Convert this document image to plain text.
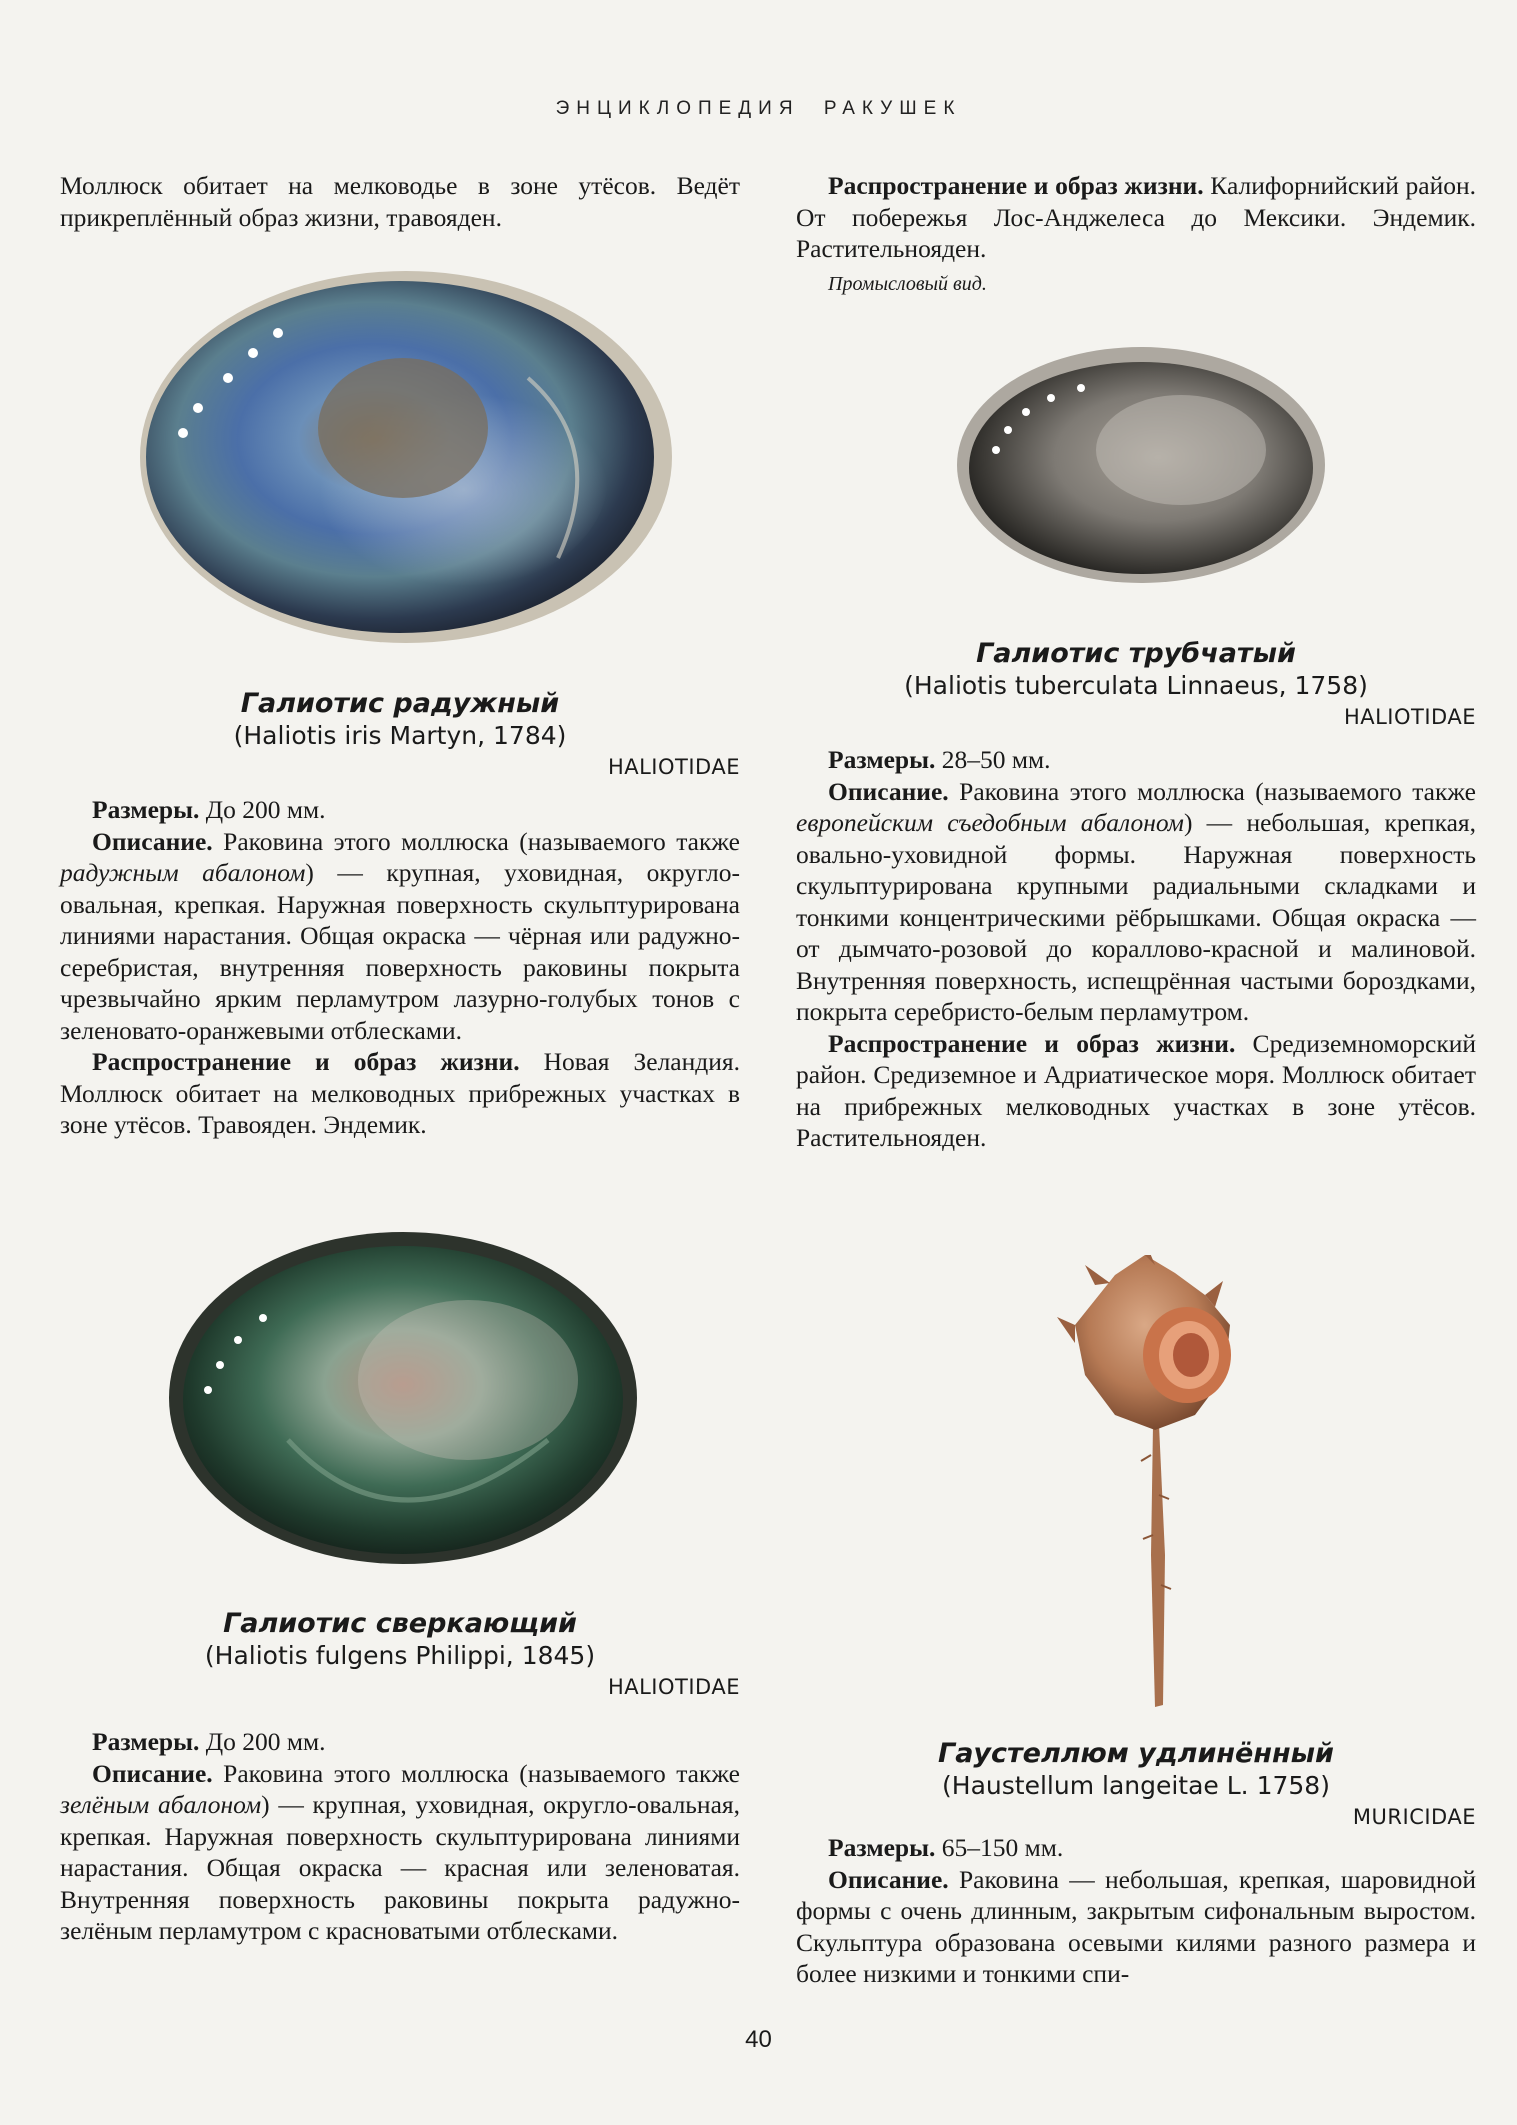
ЭНЦИКЛОПЕДИЯ РАКУШЕК

Моллюск обитает на мелководье в зоне утёсов. Ведёт прикреплённый образ жизни, травояден.

Галиотис радужный
(Haliotis iris Martyn, 1784)
HALIOTIDAE

Размеры. До 200 мм.

Описание. Раковина этого моллюска (называемого также радужным абалоном) — крупная, уховидная, округло-овальная, крепкая. Наружная поверхность скульптурирована линиями нарастания. Общая окраска — чёрная или радужно-серебристая, внутренняя поверхность раковины покрыта чрезвычайно ярким перламутром лазурно-голубых тонов с зеленовато-оранжевыми отблесками.

Распространение и образ жизни. Новая Зеландия. Моллюск обитает на мелководных прибрежных участках в зоне утёсов. Травояден. Эндемик.

Галиотис сверкающий
(Haliotis fulgens Philippi, 1845)
HALIOTIDAE

Размеры. До 200 мм.

Описание. Раковина этого моллюска (называемого также зелёным абалоном) — крупная, уховидная, округло-овальная, крепкая. Наружная поверхность скульптурирована линиями нарастания. Общая окраска — красная или зеленоватая. Внутренняя поверхность раковины покрыта радужно-зелёным перламутром с красноватыми отблесками.

Распространение и образ жизни. Калифорнийский район. От побережья Лос-Анджелеса до Мексики. Эндемик. Растительнояден.

Промысловый вид.
Галиотис трубчатый
(Haliotis tuberculata Linnaeus, 1758)
HALIOTIDAE

Размеры. 28–50 мм.

Описание. Раковина этого моллюска (называемого также европейским съедобным абалоном) — небольшая, крепкая, овально-уховидной формы. Наружная поверхность скульптурирована крупными радиальными складками и тонкими концентрическими рёбрышками. Общая окраска — от дымчато-розовой до кораллово-красной и малиновой. Внутренняя поверхность, испещрённая частыми бороздками, покрыта серебристо-белым перламутром.

Распространение и образ жизни. Средиземноморский район. Средиземное и Адриатическое моря. Моллюск обитает на прибрежных мелководных участках в зоне утёсов. Растительнояден.

Гаустеллюм удлинённый
(Haustellum langeitae L. 1758)
MURICIDAE

Размеры. 65–150 мм.

Описание. Раковина — небольшая, крепкая, шаровидной формы с очень длинным, закрытым сифональным выростом. Скульптура образована осевыми килями разного размера и более низкими и тонкими спи-

40
